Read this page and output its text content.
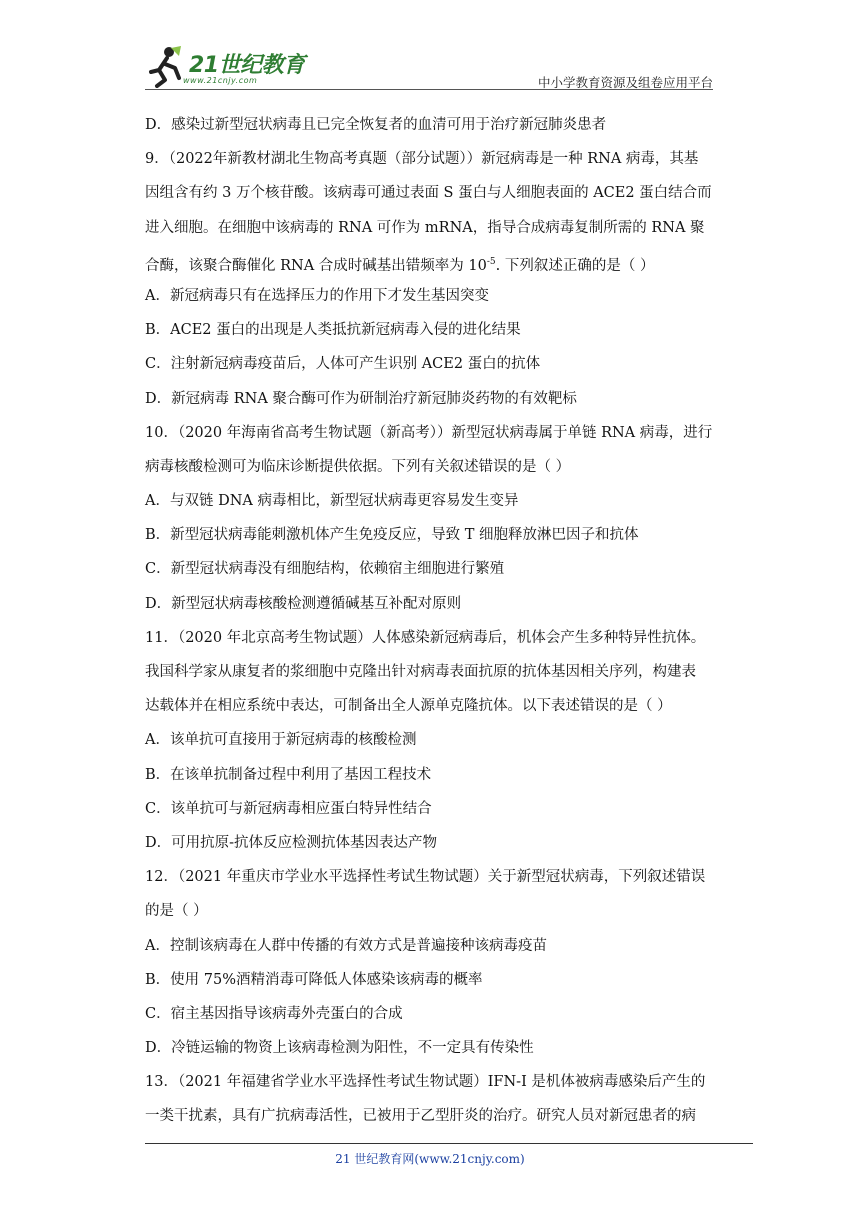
21世纪教育
www.21cnjy.com	中小学教育资源及组卷应用平台
D．感染过新型冠状病毒且已完全恢复者的血清可用于治疗新冠肺炎患者
9．（2022年新教材湖北生物高考真题（部分试题））新冠病毒是一种 RNA 病毒，其基
因组含有约 3 万个核苷酸。该病毒可通过表面 S 蛋白与人细胞表面的 ACE2 蛋白结合而
进入细胞。在细胞中该病毒的 RNA 可作为 mRNA，指导合成病毒复制所需的 RNA 聚
合酶，该聚合酶催化 RNA 合成时碱基出错频率为 $10^{-5}$. 下列叙述正确的是（ ）
A．新冠病毒只有在选择压力的作用下才发生基因突变
B．ACE2 蛋白的出现是人类抵抗新冠病毒入侵的进化结果
C．注射新冠病毒疫苗后，人体可产生识别 ACE2 蛋白的抗体
D．新冠病毒 RNA 聚合酶可作为研制治疗新冠肺炎药物的有效靶标
10．（2020 年海南省高考生物试题（新高考））新型冠状病毒属于单链 RNA 病毒，进行
病毒核酸检测可为临床诊断提供依据。下列有关叙述错误的是（ ）
A．与双链 DNA 病毒相比，新型冠状病毒更容易发生变异
B．新型冠状病毒能刺激机体产生免疫反应，导致 T 细胞释放淋巴因子和抗体
C．新型冠状病毒没有细胞结构，依赖宿主细胞进行繁殖
D．新型冠状病毒核酸检测遵循碱基互补配对原则
11．（2020 年北京高考生物试题）人体感染新冠病毒后，机体会产生多种特异性抗体。
我国科学家从康复者的浆细胞中克隆出针对病毒表面抗原的抗体基因相关序列，构建表
达载体并在相应系统中表达，可制备出全人源单克隆抗体。以下表述错误的是（ ）
A．该单抗可直接用于新冠病毒的核酸检测
B．在该单抗制备过程中利用了基因工程技术
C．该单抗可与新冠病毒相应蛋白特异性结合
D．可用抗原-抗体反应检测抗体基因表达产物
12．（2021 年重庆市学业水平选择性考试生物试题）关于新型冠状病毒，下列叙述错误
的是（ ）
A．控制该病毒在人群中传播的有效方式是普遍接种该病毒疫苗
B．使用 75%酒精消毒可降低人体感染该病毒的概率
C．宿主基因指导该病毒外壳蛋白的合成
D．冷链运输的物资上该病毒检测为阳性，不一定具有传染性
13．（2021 年福建省学业水平选择性考试生物试题）IFN-I 是机体被病毒感染后产生的
一类干扰素，具有广抗病毒活性，已被用于乙型肝炎的治疗。研究人员对新冠患者的病
21 世纪教育网(www.21cnjy.com)
